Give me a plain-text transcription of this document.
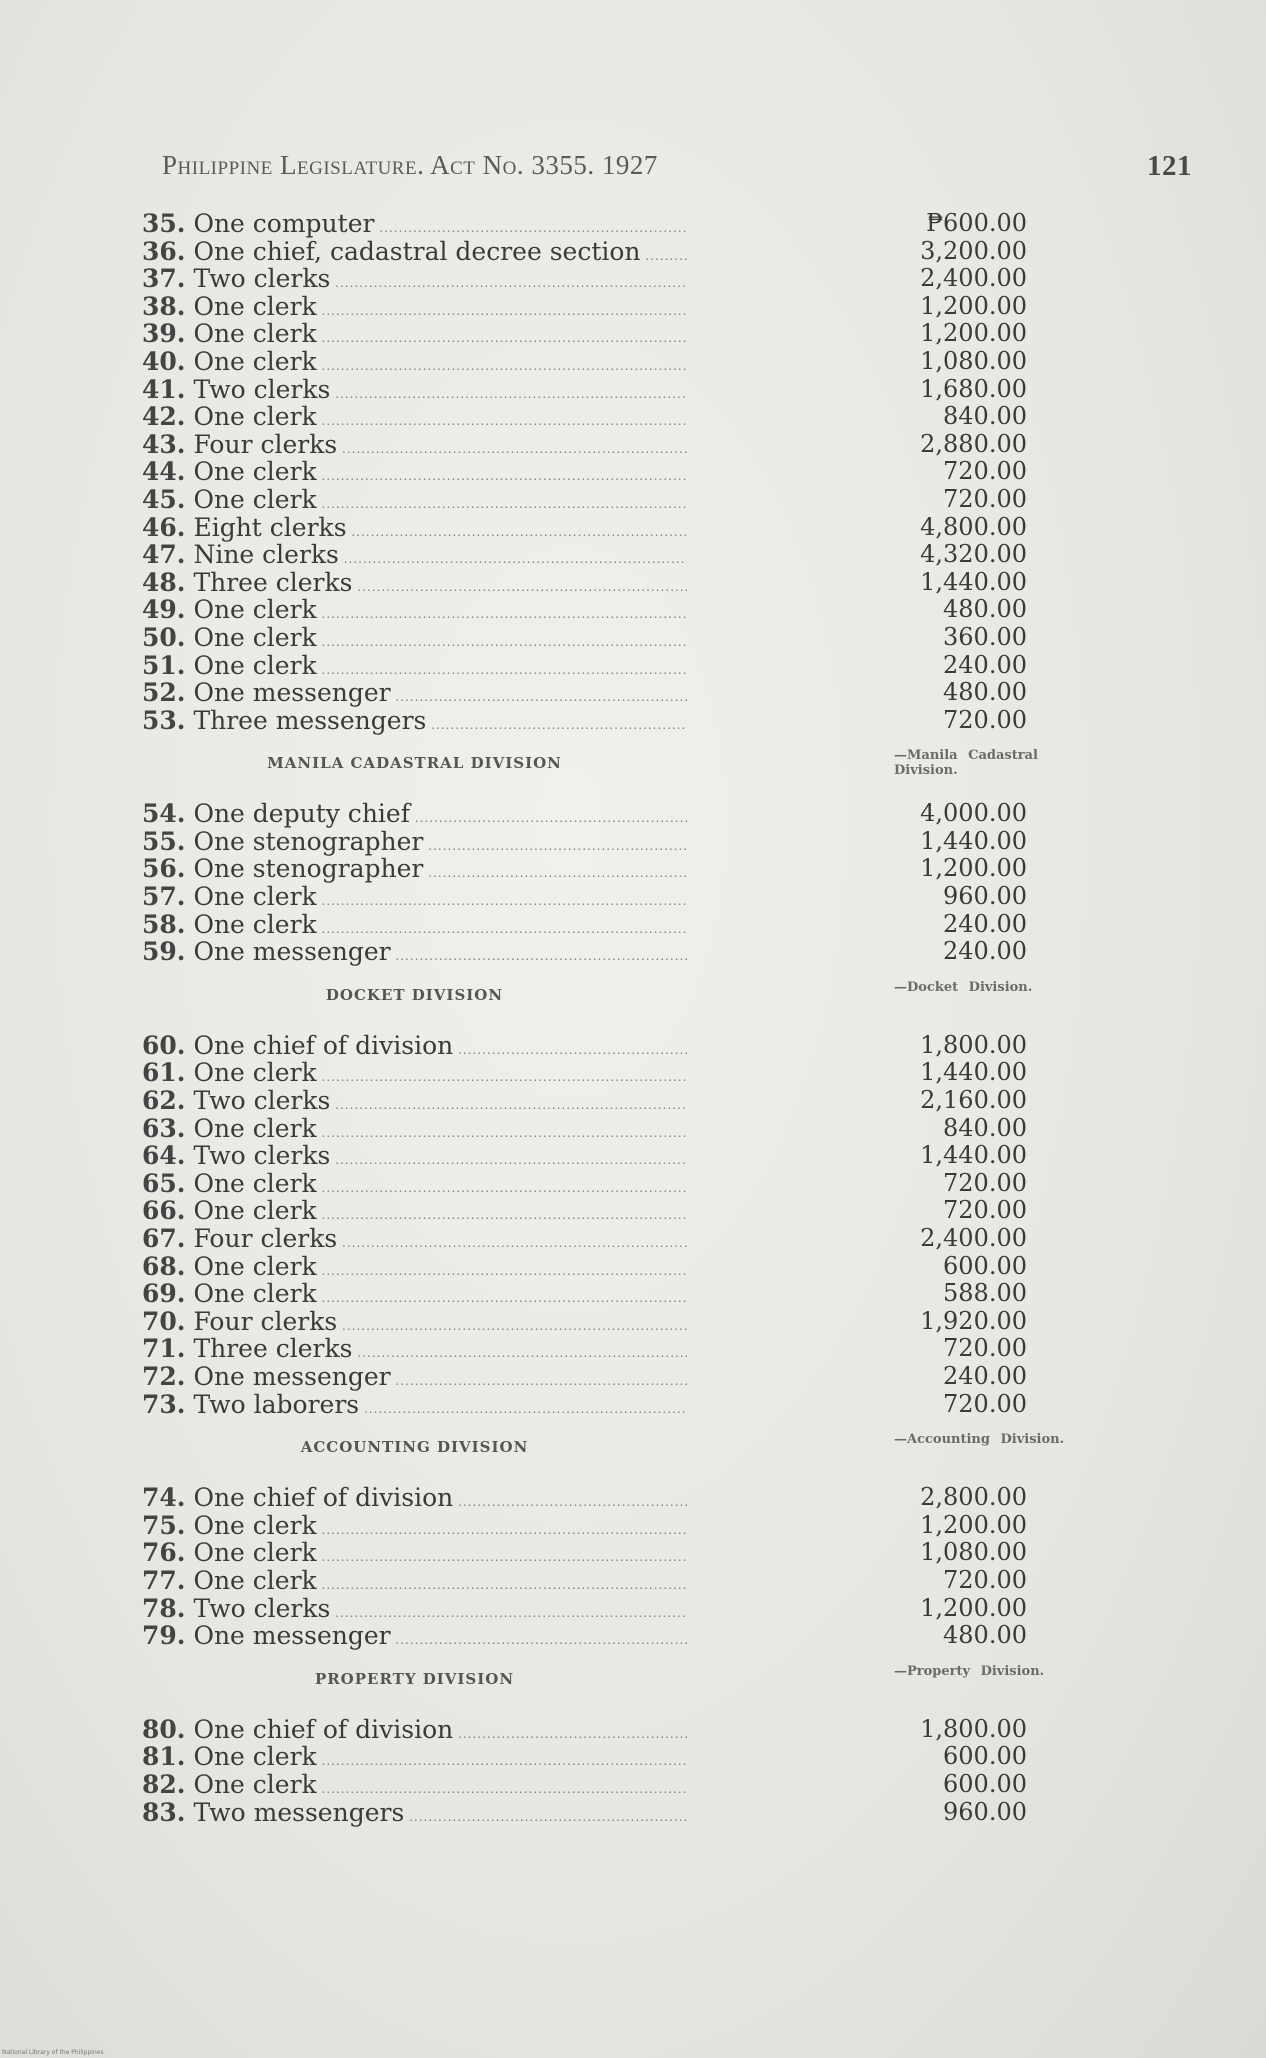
Philippine Legislature. Act No. 3355. 1927	121
35. One computer .....	₱600.00
36. One chief, cadastral decree section .....	3,200.00
37. Two clerks .....	2,400.00
38. One clerk .....	1,200.00
39. One clerk .....	1,200.00
40. One clerk .....	1,080.00
41. Two clerks .....	1,680.00
42. One clerk .....	840.00
43. Four clerks .....	2,880.00
44. One clerk .....	720.00
45. One clerk .....	720.00
46. Eight clerks .....	4,800.00
47. Nine clerks .....	4,320.00
48. Three clerks .....	1,440.00
49. One clerk .....	480.00
50. One clerk .....	360.00
51. One clerk .....	240.00
52. One messenger .....	480.00
53. Three messengers .....	720.00
MANILA CADASTRAL DIVISION	—Manila Cadastral Division.
54. One deputy chief .....	4,000.00
55. One stenographer .....	1,440.00
56. One stenographer .....	1,200.00
57. One clerk .....	960.00
58. One clerk .....	240.00
59. One messenger .....	240.00
DOCKET DIVISION	—Docket Division.
60. One chief of division .....	1,800.00
61. One clerk .....	1,440.00
62. Two clerks .....	2,160.00
63. One clerk .....	840.00
64. Two clerks .....	1,440.00
65. One clerk .....	720.00
66. One clerk .....	720.00
67. Four clerks .....	2,400.00
68. One clerk .....	600.00
69. One clerk .....	588.00
70. Four clerks .....	1,920.00
71. Three clerks .....	720.00
72. One messenger .....	240.00
73. Two laborers .....	720.00
ACCOUNTING DIVISION	—Accounting Division.
74. One chief of division .....	2,800.00
75. One clerk .....	1,200.00
76. One clerk .....	1,080.00
77. One clerk .....	720.00
78. Two clerks .....	1,200.00
79. One messenger .....	480.00
PROPERTY DIVISION	—Property Division.
80. One chief of division .....	1,800.00
81. One clerk .....	600.00
82. One clerk .....	600.00
83. Two messengers .....	960.00
National Library of the Philippines
